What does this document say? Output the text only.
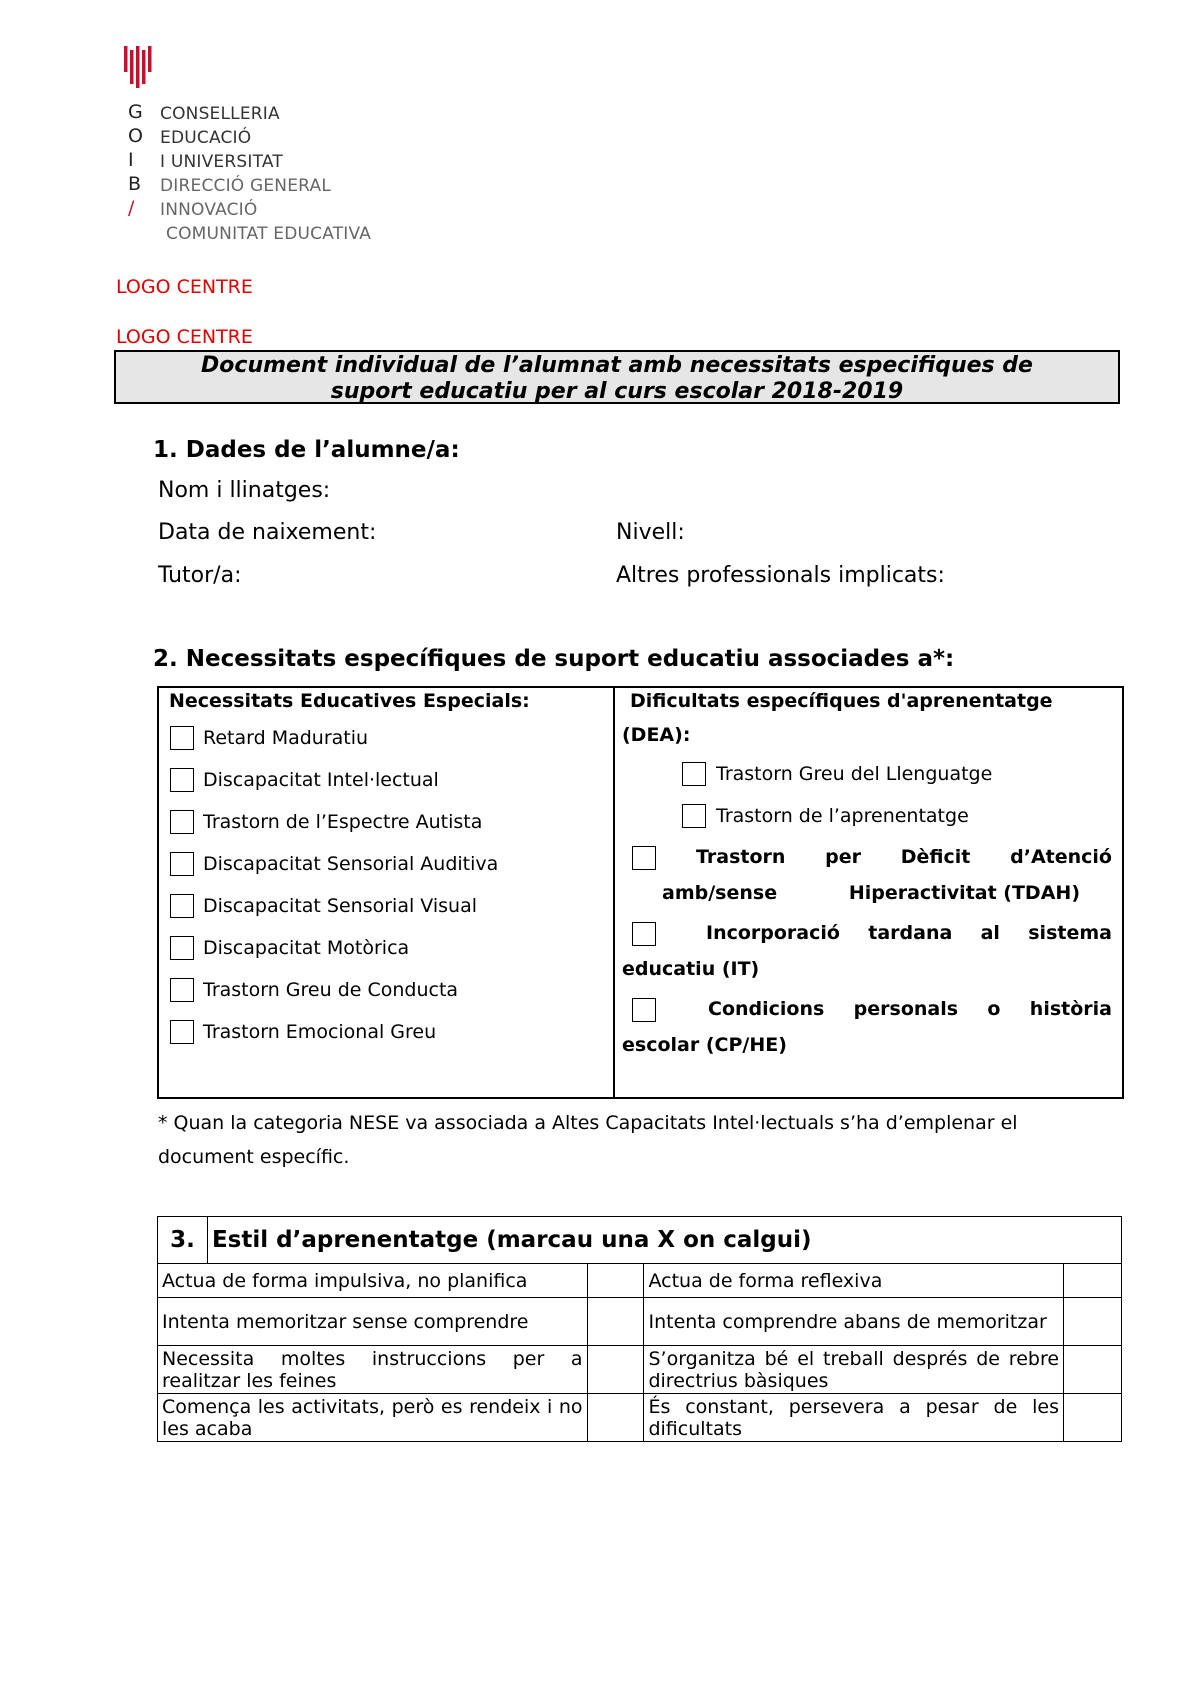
G
O
I
B
/
CONSELLERIA
EDUCACIÓ
I UNIVERSITAT
DIRECCIÓ GENERAL
INNOVACIÓ
COMUNITAT EDUCATIVA
LOGO CENTRE
LOGO CENTRE
Document individual de l’alumnat amb necessitats especifiques de
suport educatiu per al curs escolar 2018-2019
1. Dades de l’alumne/a:
Nom i llinatges:
Data de naixement:	Nivell:
Tutor/a:	Altres professionals implicats:
2. Necessitats específiques de suport educatiu associades a*:
Necessitats Educatives Especials:
Retard Maduratiu
Discapacitat Intel·lectual
Trastorn de l’Espectre Autista
Discapacitat Sensorial Auditiva
Discapacitat Sensorial Visual
Discapacitat Motòrica
Trastorn Greu de Conducta
Trastorn Emocional Greu
Dificultats específiques d'aprenentatge
(DEA):
Trastorn Greu del Llenguatge
Trastorn de l’aprenentatge
Trastorn per Dèficit d’Atenció
amb/sense	Hiperactivitat (TDAH)
Incorporació tardana al sistema
educatiu (IT)
Condicions personals o història
escolar (CP/HE)
* Quan la categoria NESE va associada a Altes Capacitats Intel·lectuals s’ha d’emplenar el
document específic.
3.	Estil d’aprenentatge (marcau una X on calgui)			
Actua de forma impulsiva, no planifica			Actua de forma reflexiva	
Intenta memoritzar sense comprendre			Intenta comprendre abans de memoritzar	
Necessita moltes instruccions per a realitzar les feines			S’organitza bé el treball després de rebre directrius bàsiques	
Comença les activitats, però es rendeix i no les acaba			És constant, persevera a pesar de les dificultats	
